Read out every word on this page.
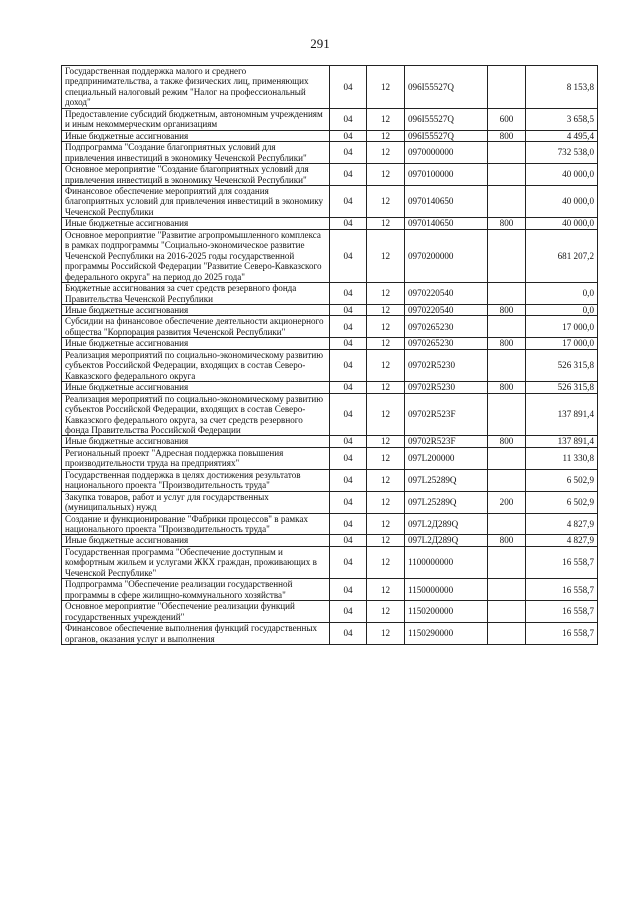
291
Государственная поддержка малого и среднего предпринимательства, а также физических лиц, применяющих специальный налоговый режим "Налог на профессиональный доход"	04	12	096I55527Q		8 153,8
Предоставление субсидий бюджетным, автономным учреждениям и иным некоммерческим организациям	04	12	096I55527Q	600	3 658,5
Иные бюджетные ассигнования	04	12	096I55527Q	800	4 495,4
Подпрограмма "Создание благоприятных условий для привлечения инвестиций в экономику Чеченской Республики"	04	12	0970000000		732 538,0
Основное мероприятие "Создание благоприятных условий для привлечения инвестиций в экономику Чеченской Республики"	04	12	0970100000		40 000,0
Финансовое обеспечение мероприятий для создания благоприятных условий для привлечения инвестиций в экономику Чеченской Республики	04	12	0970140650		40 000,0
Иные бюджетные ассигнования	04	12	0970140650	800	40 000,0
Основное мероприятие "Развитие агропромышленного комплекса в рамках подпрограммы "Социально-экономическое развитие Чеченской Республики на 2016-2025 годы государственной программы Российской Федерации "Развитие Северо-Кавказского федерального округа" на период до 2025 года"	04	12	0970200000		681 207,2
Бюджетные ассигнования за счет средств резервного фонда Правительства Чеченской Республики	04	12	0970220540		0,0
Иные бюджетные ассигнования	04	12	0970220540	800	0,0
Субсидии на финансовое обеспечение деятельности акционерного общества "Корпорация развития Чеченской Республики"	04	12	0970265230		17 000,0
Иные бюджетные ассигнования	04	12	0970265230	800	17 000,0
Реализация мероприятий по социально-экономическому развитию субъектов Российской Федерации, входящих в состав Северо-Кавказского федерального округа	04	12	09702R5230		526 315,8
Иные бюджетные ассигнования	04	12	09702R5230	800	526 315,8
Реализация мероприятий по социально-экономическому развитию субъектов Российской Федерации, входящих в состав Северо-Кавказского федерального округа, за счет средств резервного фонда Правительства Российской Федерации	04	12	09702R523F		137 891,4
Иные бюджетные ассигнования	04	12	09702R523F	800	137 891,4
Региональный проект "Адресная поддержка повышения производительности труда на предприятиях"	04	12	097L200000		11 330,8
Государственная поддержка в целях достижения результатов национального проекта "Производительность труда"	04	12	097L25289Q		6 502,9
Закупка товаров, работ и услуг для государственных (муниципальных) нужд	04	12	097L25289Q	200	6 502,9
Создание и функционирование "Фабрики процессов" в рамках национального проекта "Производительность труда"	04	12	097L2Д289Q		4 827,9
Иные бюджетные ассигнования	04	12	097L2Д289Q	800	4 827,9
Государственная программа "Обеспечение доступным и комфортным жильем и услугами ЖКХ граждан, проживающих в Чеченской Республике"	04	12	1100000000		16 558,7
Подпрограмма "Обеспечение реализации государственной программы в сфере жилищно-коммунального хозяйства"	04	12	1150000000		16 558,7
Основное мероприятие "Обеспечение реализации функций государственных учреждений"	04	12	1150200000		16 558,7
Финансовое обеспечение выполнения функций государственных органов, оказания услуг и выполнения	04	12	1150290000		16 558,7
